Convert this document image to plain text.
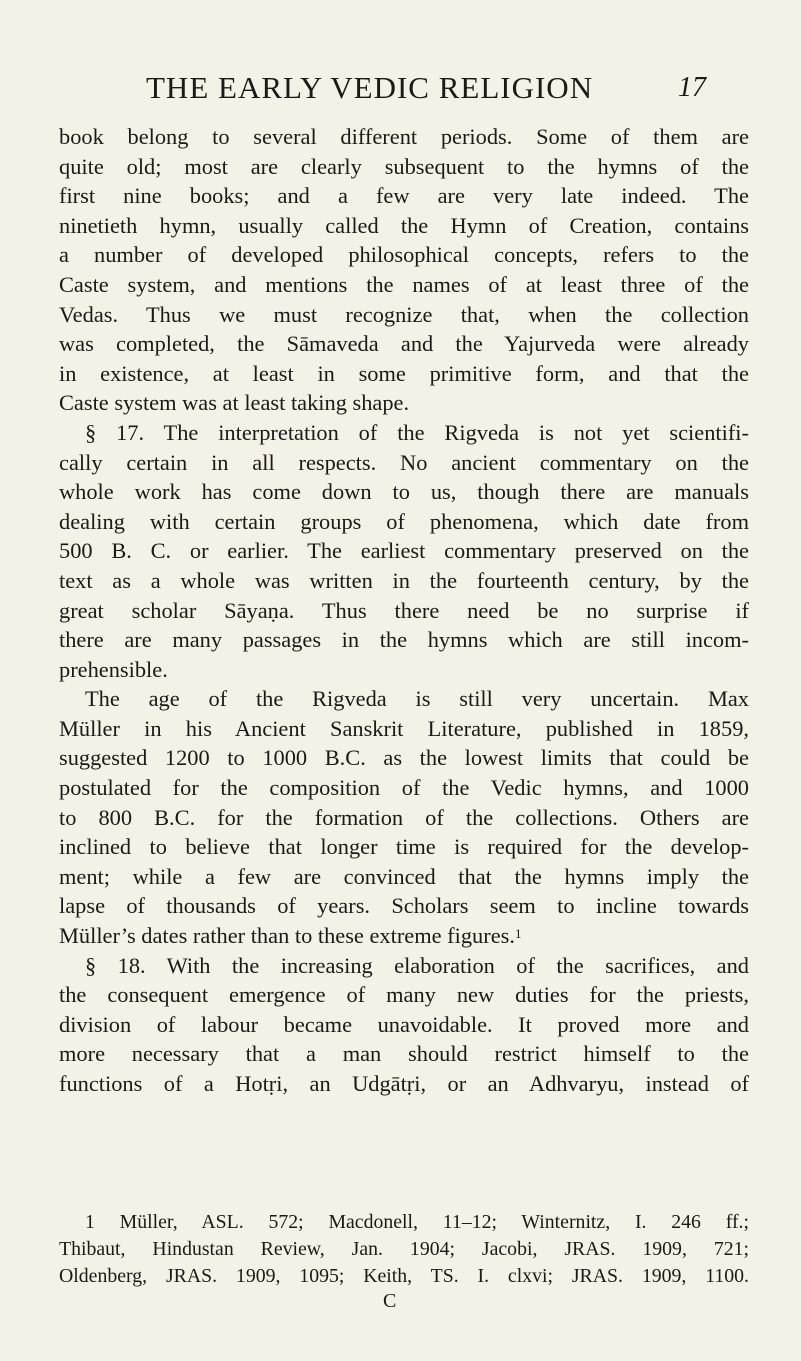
THE EARLY VEDIC RELIGION	17
book belong to several different periods. Some of them are
quite old; most are clearly subsequent to the hymns of the
first nine books; and a few are very late indeed. The
ninetieth hymn, usually called the Hymn of Creation, contains
a number of developed philosophical concepts, refers to the
Caste system, and mentions the names of at least three of the
Vedas. Thus we must recognize that, when the collection
was completed, the Sāmaveda and the Yajurveda were already
in existence, at least in some primitive form, and that the
Caste system was at least taking shape.
§ 17. The interpretation of the Rigveda is not yet scientifi-
cally certain in all respects. No ancient commentary on the
whole work has come down to us, though there are manuals
dealing with certain groups of phenomena, which date from
500 B. C. or earlier. The earliest commentary preserved on the
text as a whole was written in the fourteenth century, by the
great scholar Sāyaṇa. Thus there need be no surprise if
there are many passages in the hymns which are still incom-
prehensible.
The age of the Rigveda is still very uncertain. Max
Müller in his Ancient Sanskrit Literature, published in 1859,
suggested 1200 to 1000 B.C. as the lowest limits that could be
postulated for the composition of the Vedic hymns, and 1000
to 800 B.C. for the formation of the collections. Others are
inclined to believe that longer time is required for the develop-
ment; while a few are convinced that the hymns imply the
lapse of thousands of years. Scholars seem to incline towards
Müller’s dates rather than to these extreme figures.$^1$
§ 18. With the increasing elaboration of the sacrifices, and
the consequent emergence of many new duties for the priests,
division of labour became unavoidable. It proved more and
more necessary that a man should restrict himself to the
functions of a Hotṛi, an Udgātṛi, or an Adhvaryu, instead of
1 Müller, ASL. 572; Macdonell, 11–12; Winternitz, I. 246 ff.;
Thibaut, Hindustan Review, Jan. 1904; Jacobi, JRAS. 1909, 721;
Oldenberg, JRAS. 1909, 1095; Keith, TS. I. clxvi; JRAS. 1909, 1100.
C
